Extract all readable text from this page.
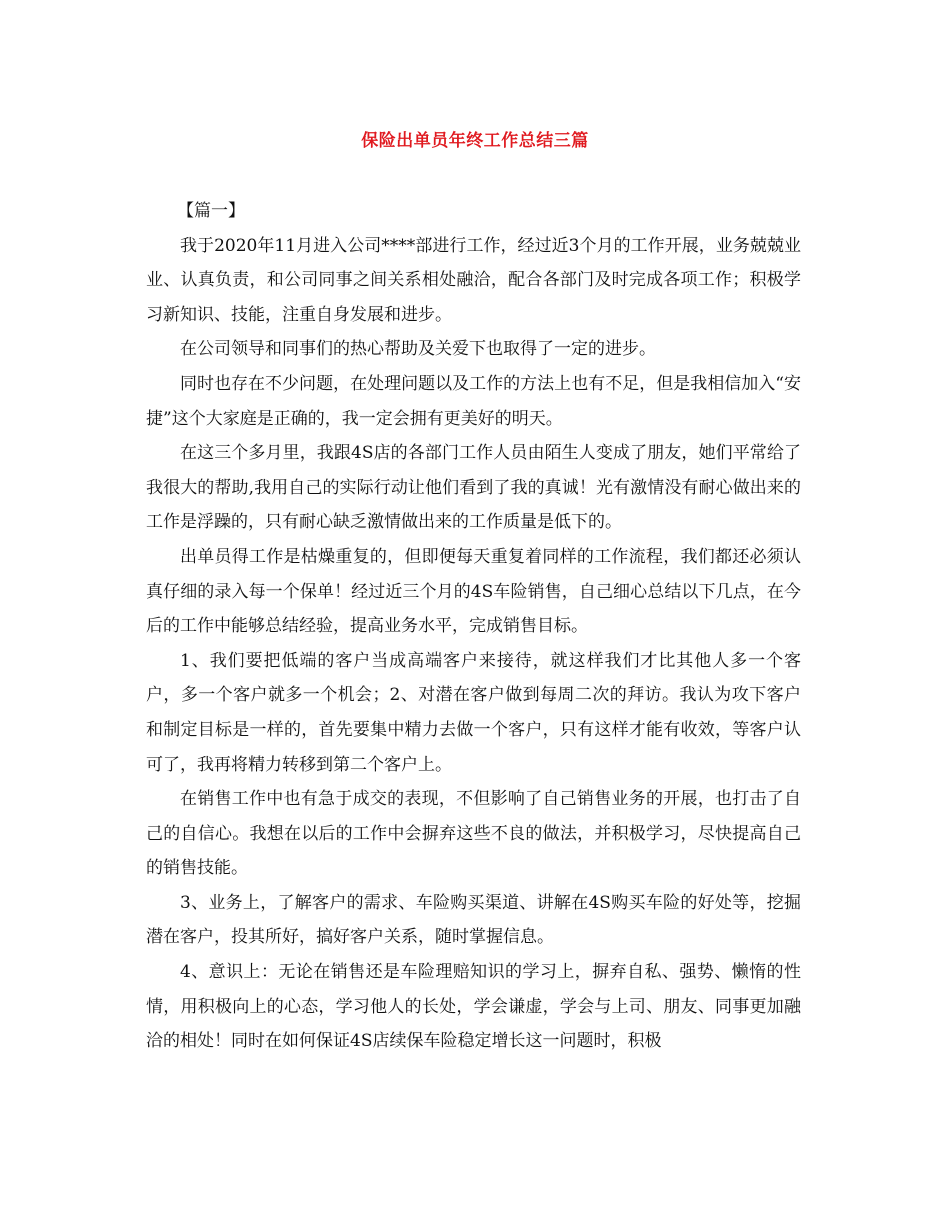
保险出单员年终工作总结三篇

【篇一】

我于2020年11月进入公司****部进行工作，经过近3个月的工作开展，业务兢兢业业、认真负责，和公司同事之间关系相处融洽，配合各部门及时完成各项工作；积极学习新知识、技能，注重自身发展和进步。

在公司领导和同事们的热心帮助及关爱下也取得了一定的进步。

同时也存在不少问题，在处理问题以及工作的方法上也有不足，但是我相信加入“安捷”这个大家庭是正确的，我一定会拥有更美好的明天。

在这三个多月里，我跟4S店的各部门工作人员由陌生人变成了朋友，她们平常给了我很大的帮助,我用自己的实际行动让他们看到了我的真诚！光有激情没有耐心做出来的工作是浮躁的，只有耐心缺乏激情做出来的工作质量是低下的。

出单员得工作是枯燥重复的，但即便每天重复着同样的工作流程，我们都还必须认真仔细的录入每一个保单！经过近三个月的4S车险销售，自己细心总结以下几点，在今后的工作中能够总结经验，提高业务水平，完成销售目标。

1、我们要把低端的客户当成高端客户来接待，就这样我们才比其他人多一个客户，多一个客户就多一个机会；2、对潜在客户做到每周二次的拜访。我认为攻下客户和制定目标是一样的，首先要集中精力去做一个客户，只有这样才能有收效，等客户认可了，我再将精力转移到第二个客户上。

在销售工作中也有急于成交的表现，不但影响了自己销售业务的开展，也打击了自己的自信心。我想在以后的工作中会摒弃这些不良的做法，并积极学习，尽快提高自己的销售技能。

3、业务上，了解客户的需求、车险购买渠道、讲解在4S购买车险的好处等，挖掘潜在客户，投其所好，搞好客户关系，随时掌握信息。

4、意识上：无论在销售还是车险理赔知识的学习上，摒弃自私、强势、懒惰的性情，用积极向上的心态，学习他人的长处，学会谦虚，学会与上司、朋友、同事更加融洽的相处！同时在如何保证4S店续保车险稳定增长这一问题时，积极
